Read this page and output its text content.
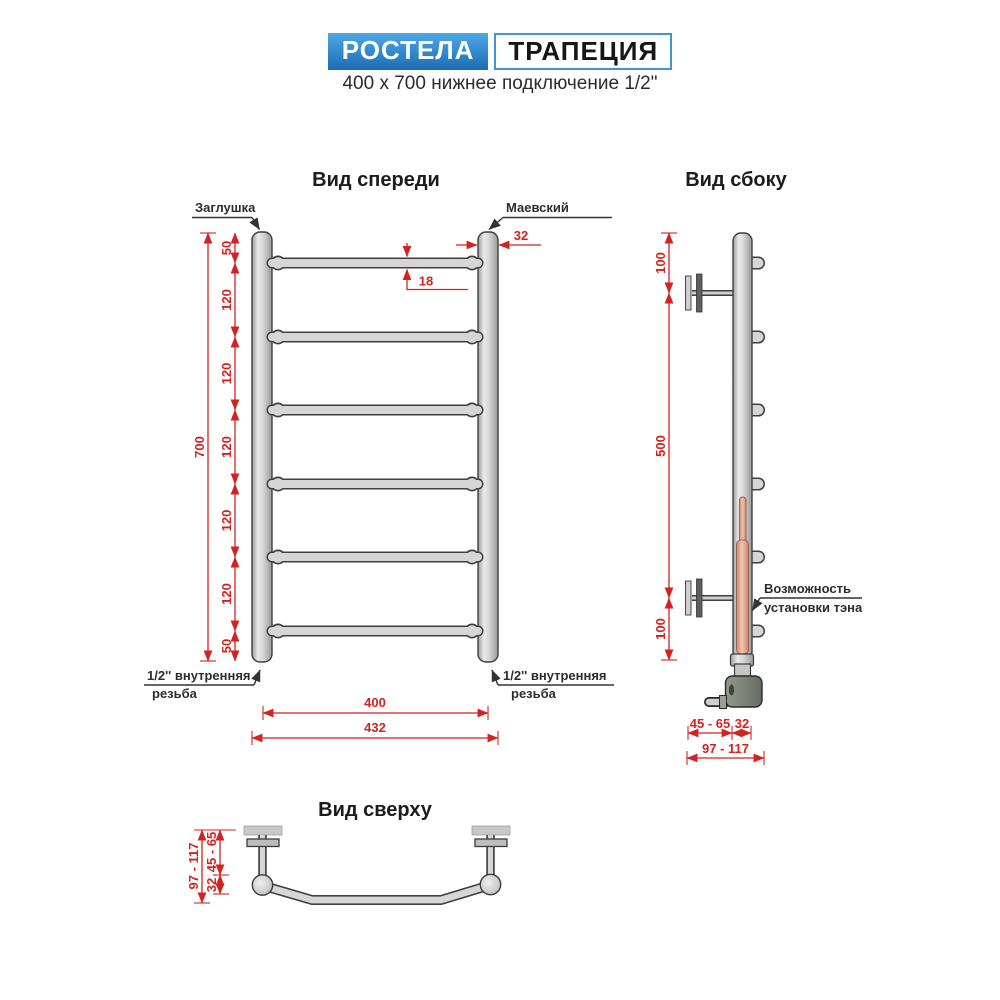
РОСТЕЛА ТРАПЕЦИЯ
400 x 700 нижнее подключение 1/2"
Вид спереди
Заглушка	Маевский
32
18
700
50
120
120
120
120
120
50
1/2'' внутренняя
резьба
1/2'' внутренняя
резьба
400
432
Вид сбоку
100
500
100
Возможность
установки тэна
45 - 65 32
97 - 117
Вид сверху
97 - 117 45 - 65
32
